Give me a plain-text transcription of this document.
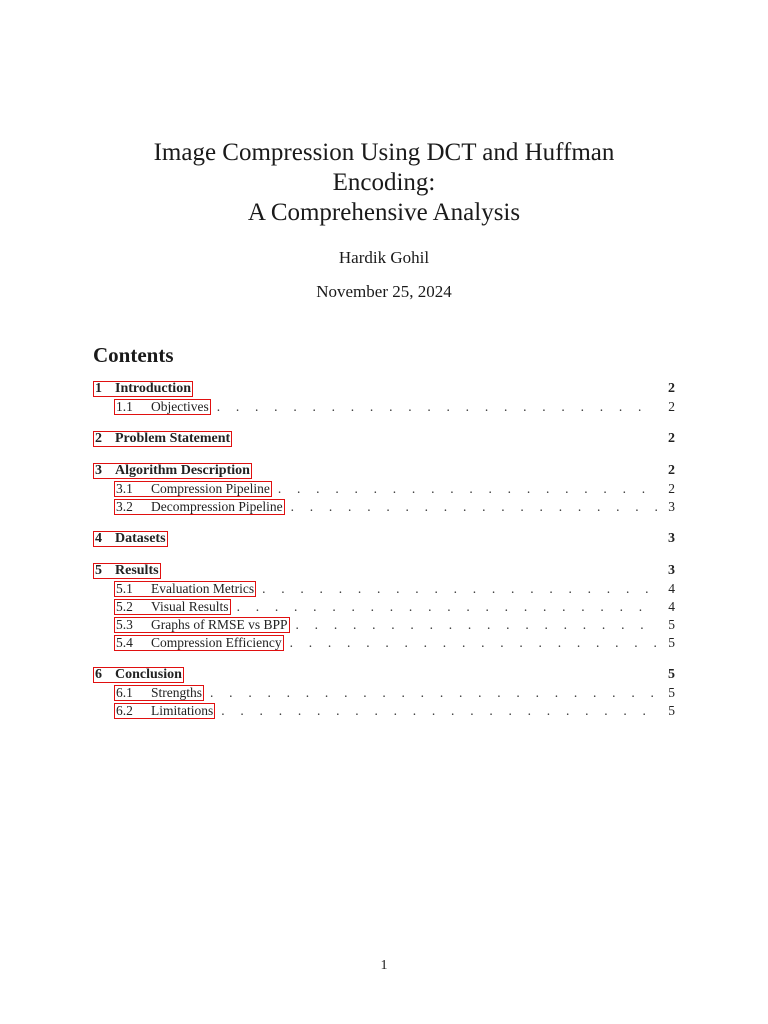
Image Compression Using DCT and Huffman

Encoding:

A Comprehensive Analysis

Hardik Gohil
November 25, 2024
Contents
1 Introduction	2
1.1 Objectives . . .	2
2 Problem Statement	2
3 Algorithm Description	2
3.1 Compression Pipeline . . .	2
3.2 Decompression Pipeline . . .	3
4 Datasets	3
5 Results	3
5.1 Evaluation Metrics . . .	4
5.2 Visual Results . . .	4
5.3 Graphs of RMSE vs BPP . . .	5
5.4 Compression Efficiency . . .	5
6 Conclusion	5
6.1 Strengths . . .	5
6.2 Limitations . . .	5
1
